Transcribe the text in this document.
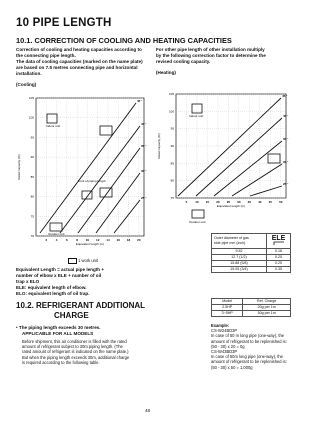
10 PIPE LENGTH
10.1. CORRECTION OF COOLING AND HEATING CAPACITIES
Correction of cooling and heating capacities according to
the connecting pipe length.
The data of cooling capacities (marked on the name plate)
are based on 7.5 metres connecting pipe and horizontal
installation.
(Cooling)
For other pipe length of other installation multiply
by the following correction factor to determine the
revised cooling capacity.
(Heating)
105
100
95
90
85
80
75
70
2	4	6	8	10 12 14 16 18 20
Equivalent length (m)
Rated capacity (%)
45 °
40 °
35 °
30 °
25 °
Indoor unit
Outdoor unit
Limit of piping length
1 work unit
105
100
95
90
85
80
75
5	10 15 20 25 30 35 40 45 50
Equivalent length (m)
Rated capacity (%)
45 °
40 °
35 °
30 °
25 °
Indoor unit
Outdoor unit
Outer diameter of gas
side pipe mm (inch)	ELE

9.52	0.16
12.7 (1/2)	0.20
15.88 (5/8)	0.25
19.05 (3/4)	0.35
Model	Ref. Charge
2.5HP	20g per 1m
3~5HP	50g per 1m
Example:
CS-W24BD3P
In case of 50 m long pipe (one-way), the
amount of refrigerant to be replenished is:
(50 - 30) x 20 = 0g
CS-W43BD3P
In case of 50m long pipe (one-way), the
amount of refrigerant to be replenished is:
(50 - 30) x 50 = 1,000g
Equivalent Length = actual pipe length +
number of elbow x ELE + number of oil
trap x ELO
ELE: equivalent length of elbow.
ELO: equivalent length of oil trap.
10.2. REFRIGERANT ADDITIONAL
CHARGE
• The piping length exceeds 30 metres.
APPLICABLE FOR ALL MODELS
Before shipment, this air conditioner is filled with the rated
amount of refrigerant subject to 30m piping length. (The
rated amount of refrigerant is indicated on the name plate.)
But when the piping length exceeds 30m, additional charge
is required according to the following table.
48
